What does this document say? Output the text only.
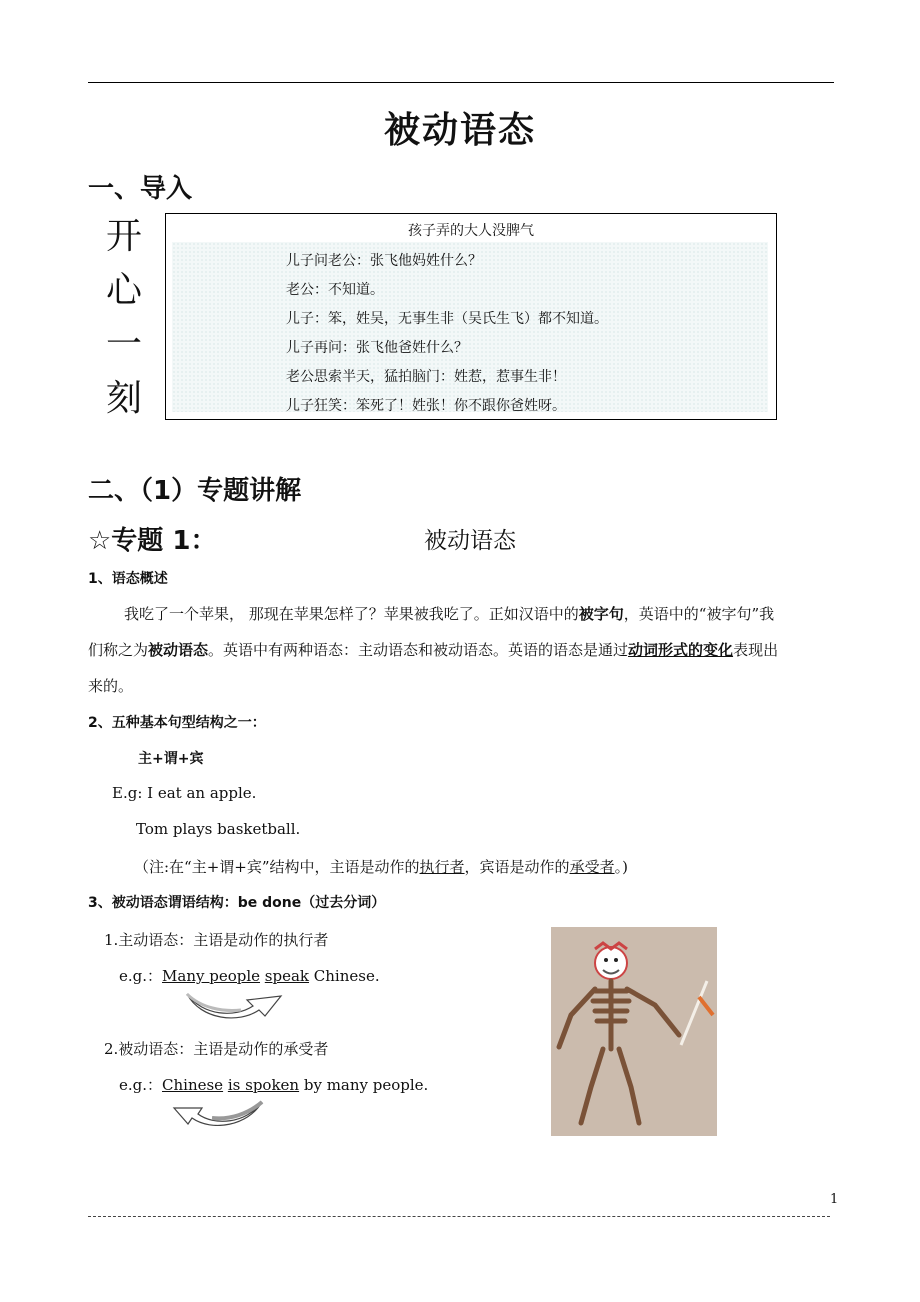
被动语态
一、导入
开
心
一
刻
孩子弄的大人没脾气
儿子问老公：张飞他妈姓什么？
老公：不知道。
儿子：笨，姓吴，无事生非（吴氏生飞）都不知道。
儿子再问：张飞他爸姓什么？
老公思索半天，猛拍脑门：姓惹，惹事生非！
儿子狂笑：笨死了！姓张！你不跟你爸姓呀。
二、（1）专题讲解
☆专题 1：	被动语态
1、语态概述
我吃了一个苹果， 那现在苹果怎样了？苹果被我吃了。正如汉语中的被字句，英语中的“被字句”我
们称之为被动语态。英语中有两种语态：主动语态和被动语态。英语的语态是通过动词形式的变化表现出
来的。
2、五种基本句型结构之一：
主+谓+宾
E.g: I eat an apple.
Tom plays basketball.
（注:在“主+谓+宾”结构中，主语是动作的执行者，宾语是动作的承受者。)
3、被动语态谓语结构：be done（过去分词）
1.主动语态：主语是动作的执行者
e.g.：Many people speak Chinese.
2.被动语态：主语是动作的承受者
e.g.：Chinese is spoken by many people.
1
